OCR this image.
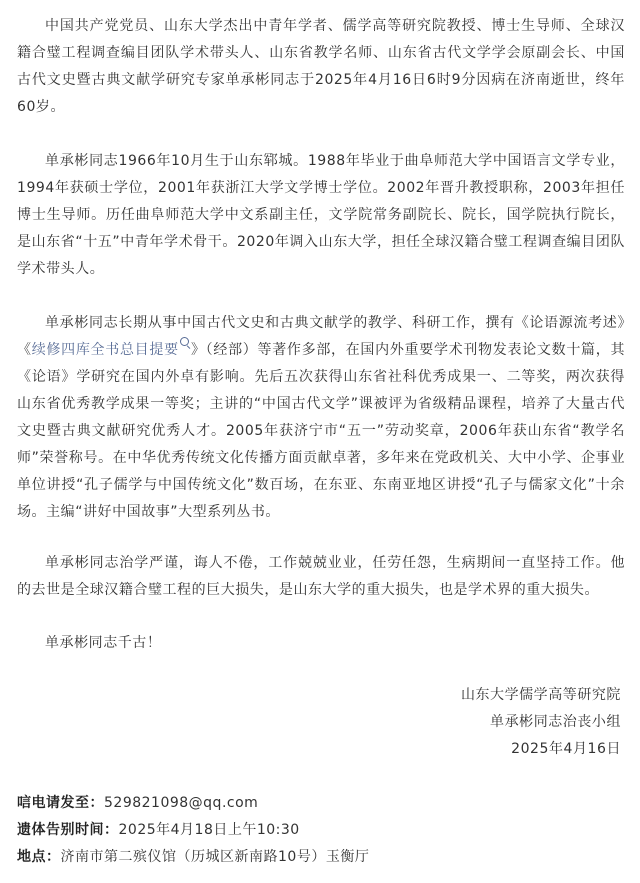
中国共产党党员、山东大学杰出中青年学者、儒学高等研究院教授、博士生导师、全球汉籍合璧工程调查编目团队学术带头人、山东省教学名师、山东省古代文学学会原副会长、中国古代文史暨古典文献学研究专家单承彬同志于2025年4月16日6时9分因病在济南逝世，终年60岁。

单承彬同志1966年10月生于山东郓城。1988年毕业于曲阜师范大学中国语言文学专业，1994年获硕士学位，2001年获浙江大学文学博士学位。2002年晋升教授职称，2003年担任博士生导师。历任曲阜师范大学中文系副主任，文学院常务副院长、院长，国学院执行院长，是山东省“十五”中青年学术骨干。2020年调入山东大学，担任全球汉籍合璧工程调查编目团队学术带头人。

单承彬同志长期从事中国古代文史和古典文献学的教学、科研工作，撰有《论语源流考述》《续修四库全书总目提要 》（经部）等著作多部，在国内外重要学术刊物发表论文数十篇，其《论语》学研究在国内外卓有影响。先后五次获得山东省社科优秀成果一、二等奖，两次获得山东省优秀教学成果一等奖；主讲的“中国古代文学”课被评为省级精品课程，培养了大量古代文史暨古典文献研究优秀人才。2005年获济宁市“五一”劳动奖章，2006年获山东省“教学名师”荣誉称号。在中华优秀传统文化传播方面贡献卓著，多年来在党政机关、大中小学、企事业单位讲授“孔子儒学与中国传统文化”数百场，在东亚、东南亚地区讲授“孔子与儒家文化”十余场。主编“讲好中国故事”大型系列丛书。

单承彬同志治学严谨，诲人不倦，工作兢兢业业，任劳任怨，生病期间一直坚持工作。他的去世是全球汉籍合璧工程的巨大损失，是山东大学的重大损失，也是学术界的重大损失。

单承彬同志千古！

山东大学儒学高等研究院
单承彬同志治丧小组
2025年4月16日
唁电请发至：529821098@qq.com
遗体告别时间：2025年4月18日上午10:30
地点：济南市第二殡仪馆（历城区新南路10号）玉衡厅
